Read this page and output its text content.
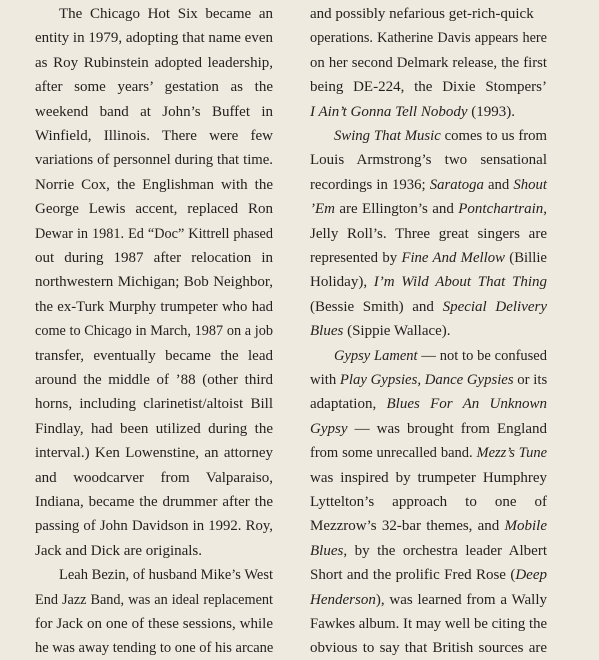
The Chicago Hot Six became an
entity in 1979, adopting that name even
as Roy Rubinstein adopted leadership,
after some years’ gestation as the
weekend band at John’s Buffet in
Winfield, Illinois. There were few
variations of personnel during that time.
Norrie Cox, the Englishman with the
George Lewis accent, replaced Ron
Dewar in 1981. Ed “Doc” Kittrell phased
out during 1987 after relocation in
northwestern Michigan; Bob Neighbor,
the ex-Turk Murphy trumpeter who had
come to Chicago in March, 1987 on a job
transfer, eventually became the lead
around the middle of ’88 (other third
horns, including clarinetist/altoist Bill
Findlay, had been utilized during the
interval.) Ken Lowenstine, an attorney
and woodcarver from Valparaiso,
Indiana, became the drummer after the
passing of John Davidson in 1992. Roy,
Jack and Dick are originals.
Leah Bezin, of husband Mike’s West
End Jazz Band, was an ideal replacement
for Jack on one of these sessions, while
he was away tending to one of his arcane
and possibly nefarious get-rich-quick
operations. Katherine Davis appears here
on her second Delmark release, the first
being DE-224, the Dixie Stompers’
I Ain’t Gonna Tell Nobody (1993).
Swing That Music comes to us from
Louis Armstrong’s two sensational
recordings in 1936; Saratoga and Shout
’Em are Ellington’s and Pontchartrain,
Jelly Roll’s. Three great singers are
represented by Fine And Mellow (Billie
Holiday), I’m Wild About That Thing
(Bessie Smith) and Special Delivery
Blues (Sippie Wallace).
Gypsy Lament — not to be confused
with Play Gypsies, Dance Gypsies or its
adaptation, Blues For An Unknown
Gypsy — was brought from England
from some unrecalled band. Mezz’s Tune
was inspired by trumpeter Humphrey
Lyttelton’s approach to one of
Mezzrow’s 32-bar themes, and Mobile
Blues, by the orchestra leader Albert
Short and the prolific Fred Rose (Deep
Henderson), was learned from a Wally
Fawkes album. It may well be citing the
obvious to say that British sources are
